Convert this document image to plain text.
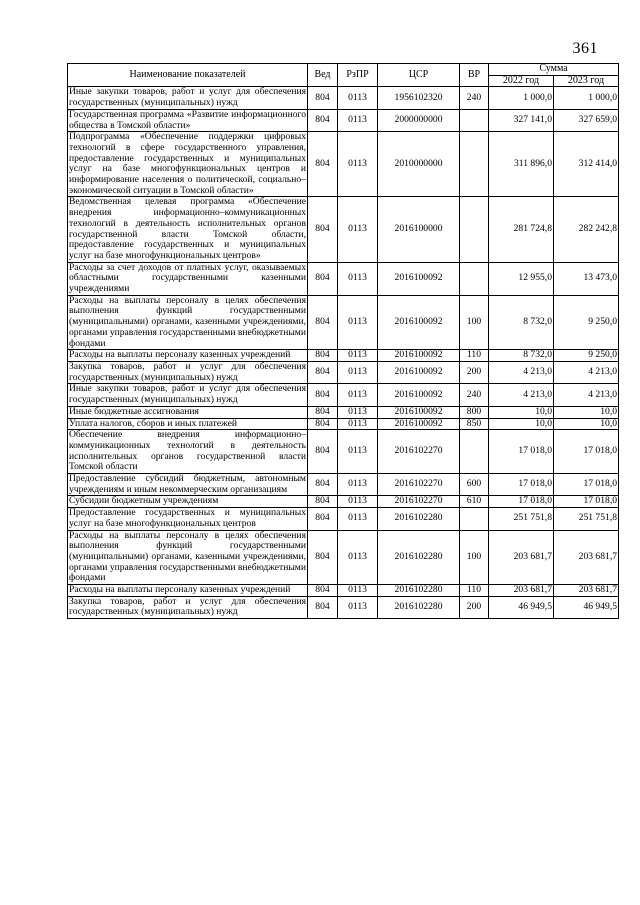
361
Наименование показателей	Вед	РзПР	ЦСР	ВР	Сумма	
					2022 год	2023 год
Иные закупки товаров, работ и услуг для обеспечения государственных (муниципальных) нужд	804	0113	1956102320	240	1 000,0	1 000,0
Государственная программа «Развитие информационного общества в Томской области»	804	0113	2000000000		327 141,0	327 659,0
Подпрограмма «Обеспечение поддержки цифровых технологий в сфере государственного управления, предоставление государственных и муниципальных услуг на базе многофункциональных центров и информирование населения о политической, социально–экономической ситуации в Томской области»	804	0113	2010000000		311 896,0	312 414,0
Ведомственная целевая программа «Обеспечение внедрения информационно–коммуникационных технологий в деятельность исполнительных органов государственной власти Томской области, предоставление государственных и муниципальных услуг на базе многофункциональных центров»	804	0113	2016100000		281 724,8	282 242,8
Расходы за счет доходов от платных услуг, оказываемых областными государственными казенными учреждениями	804	0113	2016100092		12 955,0	13 473,0
Расходы на выплаты персоналу в целях обеспечения выполнения функций государственными (муниципальными) органами, казенными учреждениями, органами управления государственными внебюджетными фондами	804	0113	2016100092	100	8 732,0	9 250,0
Расходы на выплаты персоналу казенных учреждений	804	0113	2016100092	110	8 732,0	9 250,0
Закупка товаров, работ и услуг для обеспечения государственных (муниципальных) нужд	804	0113	2016100092	200	4 213,0	4 213,0
Иные закупки товаров, работ и услуг для обеспечения государственных (муниципальных) нужд	804	0113	2016100092	240	4 213,0	4 213,0
Иные бюджетные ассигнования	804	0113	2016100092	800	10,0	10,0
Уплата налогов, сборов и иных платежей	804	0113	2016100092	850	10,0	10,0
Обеспечение внедрения информационно–коммуникационных технологий в деятельность исполнительных органов государственной власти Томской области	804	0113	2016102270		17 018,0	17 018,0
Предоставление субсидий бюджетным, автономным учреждениям и иным некоммерческим организациям	804	0113	2016102270	600	17 018,0	17 018,0
Субсидии бюджетным учреждениям	804	0113	2016102270	610	17 018,0	17 018,0
Предоставление государственных и муниципальных услуг на базе многофункциональных центров	804	0113	2016102280		251 751,8	251 751,8
Расходы на выплаты персоналу в целях обеспечения выполнения функций государственными (муниципальными) органами, казенными учреждениями, органами управления государственными внебюджетными фондами	804	0113	2016102280	100	203 681,7	203 681,7
Расходы на выплаты персоналу казенных учреждений	804	0113	2016102280	110	203 681,7	203 681,7
Закупка товаров, работ и услуг для обеспечения государственных (муниципальных) нужд	804	0113	2016102280	200	46 949,5	46 949,5
